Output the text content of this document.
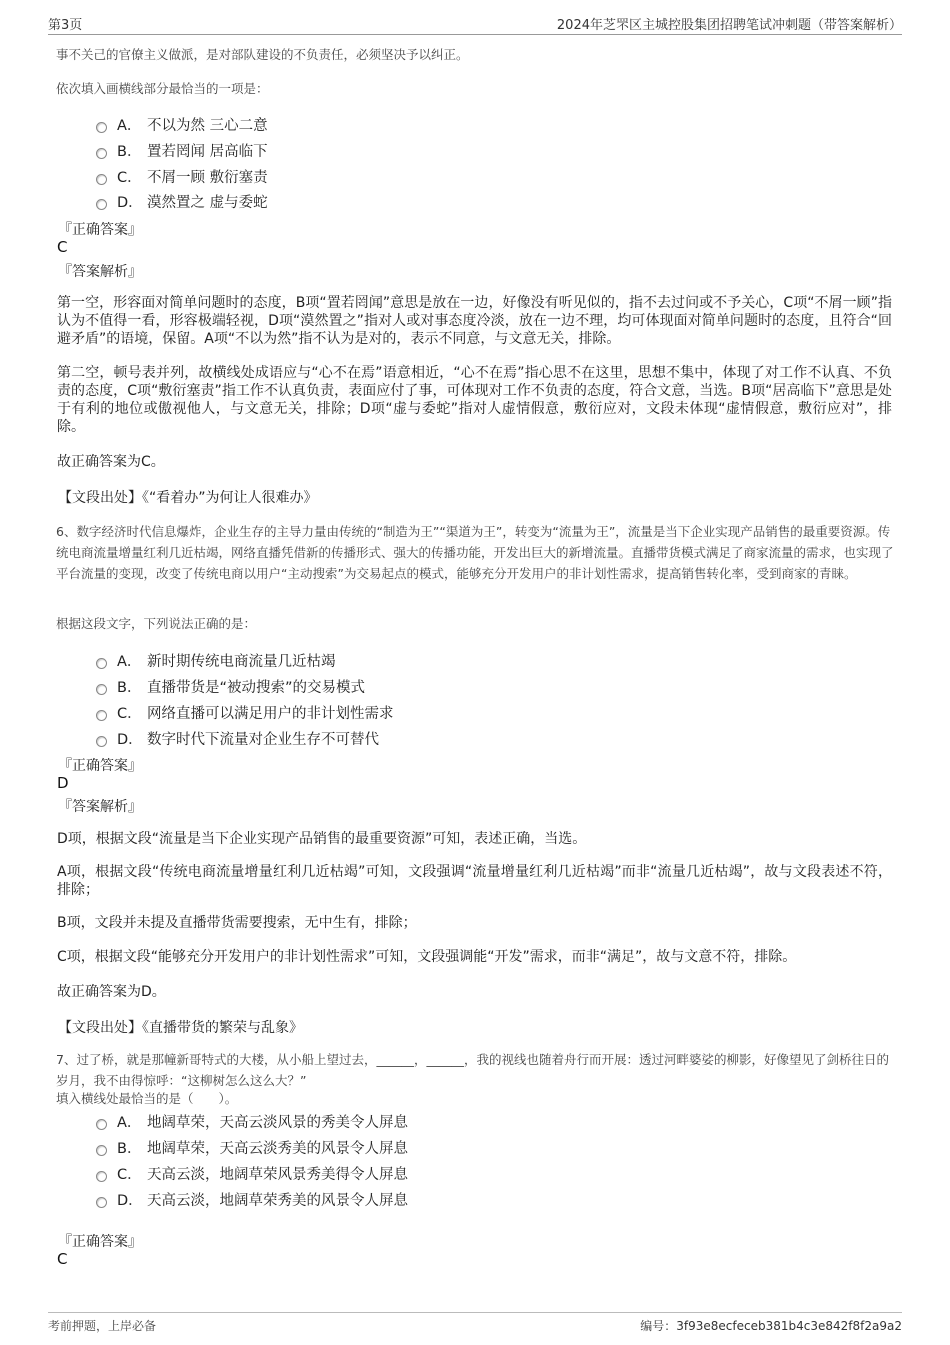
第3页	2024年芝罘区主城控股集团招聘笔试冲刺题（带答案解析）
事不关己的官僚主义做派，是对部队建设的不负责任，必须坚决予以纠正。
依次填入画横线部分最恰当的一项是：
A． 不以为然 三心二意
B． 置若罔闻 居高临下
C． 不屑一顾 敷衍塞责
D． 漠然置之 虚与委蛇
『正确答案』
C
『答案解析』
第一空，形容面对简单问题时的态度，B项“置若罔闻”意思是放在一边，好像没有听见似的，指不去过问或不予关心，C项“不屑一顾”指认为不值得一看，形容极端轻视，D项“漠然置之”指对人或对事态度冷淡，放在一边不理，均可体现面对简单问题时的态度，且符合“回避矛盾”的语境，保留。A项“不以为然”指不认为是对的，表示不同意，与文意无关，排除。
第二空，顿号表并列，故横线处成语应与“心不在焉”语意相近，“心不在焉”指心思不在这里，思想不集中，体现了对工作不认真、不负责的态度，C项“敷衍塞责”指工作不认真负责，表面应付了事，可体现对工作不负责的态度，符合文意，当选。B项“居高临下”意思是处于有利的地位或傲视他人，与文意无关，排除；D项“虚与委蛇”指对人虚情假意，敷衍应对，文段未体现“虚情假意，敷衍应对”，排除。
故正确答案为C。
【文段出处】《“看着办”为何让人很难办》
6、数字经济时代信息爆炸，企业生存的主导力量由传统的“制造为王”“渠道为王”，转变为“流量为王”，流量是当下企业实现产品销售的最重要资源。传统电商流量增量红利几近枯竭，网络直播凭借新的传播形式、强大的传播功能，开发出巨大的新增流量。直播带货模式满足了商家流量的需求，也实现了平台流量的变现，改变了传统电商以用户“主动搜索”为交易起点的模式，能够充分开发用户的非计划性需求，提高销售转化率，受到商家的青睐。
根据这段文字，下列说法正确的是：
A． 新时期传统电商流量几近枯竭
B． 直播带货是“被动搜索”的交易模式
C． 网络直播可以满足用户的非计划性需求
D． 数字时代下流量对企业生存不可替代
『正确答案』
D
『答案解析』
D项，根据文段“流量是当下企业实现产品销售的最重要资源”可知，表述正确，当选。
A项，根据文段“传统电商流量增量红利几近枯竭”可知，文段强调“流量增量红利几近枯竭”而非“流量几近枯竭”，故与文段表述不符，排除；
B项，文段并未提及直播带货需要搜索，无中生有，排除；
C项，根据文段“能够充分开发用户的非计划性需求”可知，文段强调能“开发”需求，而非“满足”，故与文意不符，排除。
故正确答案为D。
【文段出处】《直播带货的繁荣与乱象》
7、过了桥，就是那幢新哥特式的大楼，从小船上望过去，______，______，我的视线也随着舟行而开展：透过河畔婆娑的柳影，好像望见了剑桥往日的岁月，我不由得惊呼：“这柳树怎么这么大？”
填入横线处最恰当的是（　　）。
A． 地阔草荣，天高云淡风景的秀美令人屏息
B． 地阔草荣，天高云淡秀美的风景令人屏息
C． 天高云淡，地阔草荣风景秀美得令人屏息
D． 天高云淡，地阔草荣秀美的风景令人屏息
『正确答案』
C
考前押题，上岸必备	编号：3f93e8ecfeceb381b4c3e842f8f2a9a2
